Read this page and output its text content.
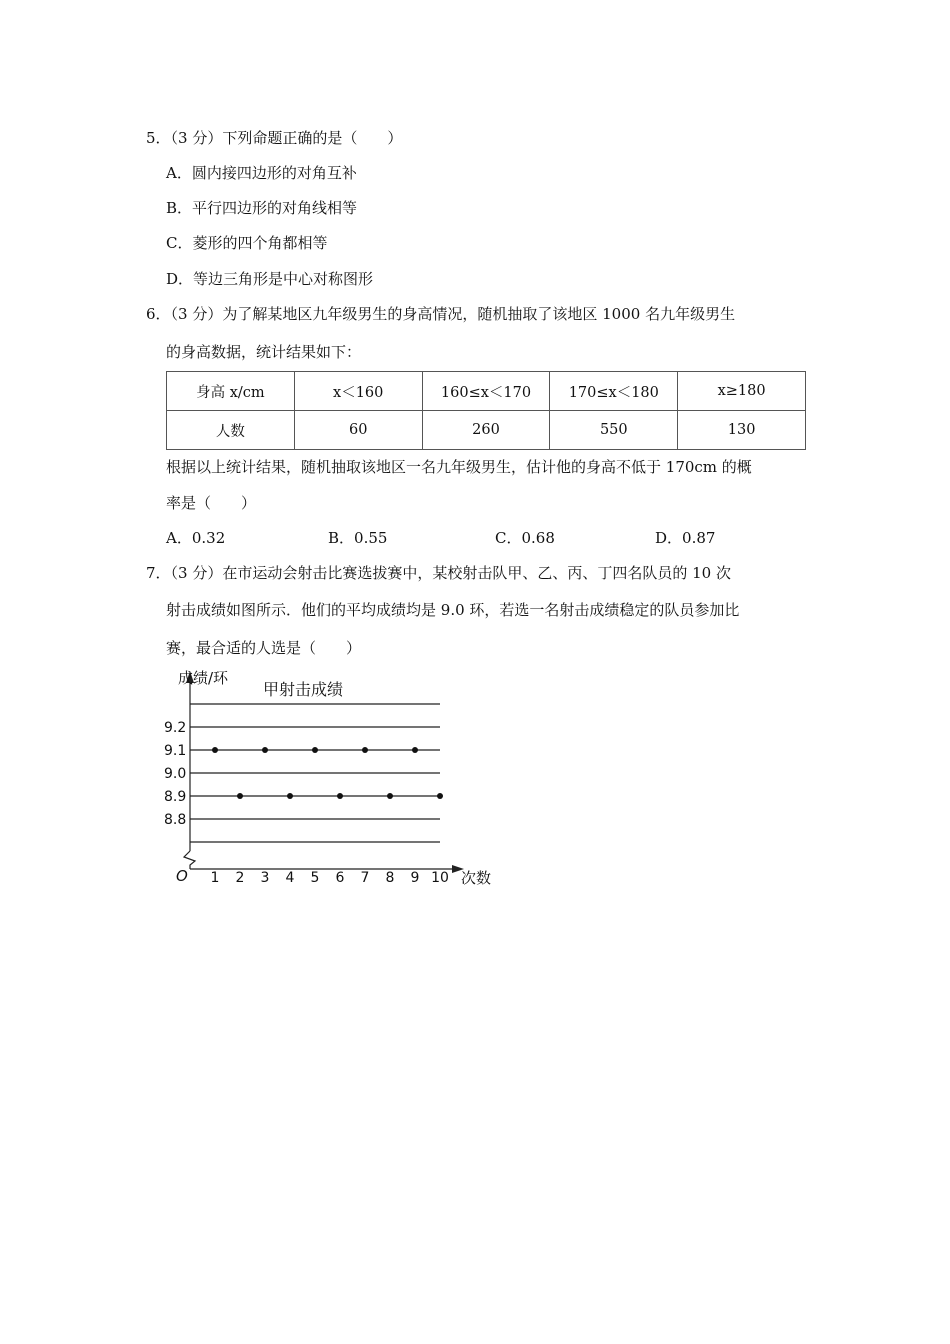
5．（3 分）下列命题正确的是（　　）
A．圆内接四边形的对角互补
B．平行四边形的对角线相等
C．菱形的四个角都相等
D．等边三角形是中心对称图形
6．（3 分）为了解某地区九年级男生的身高情况，随机抽取了该地区 1000 名九年级男生
的身高数据，统计结果如下：
身高 x/cm	x＜160	160≤x＜170	170≤x＜180	x≥180
人数	60	260	550	130
根据以上统计结果，随机抽取该地区一名九年级男生，估计他的身高不低于 170cm 的概
率是（　　）
A．0.32	B．0.55	C．0.68	D．0.87
7．（3 分）在市运动会射击比赛选拔赛中，某校射击队甲、乙、丙、丁四名队员的 10 次
射击成绩如图所示．他们的平均成绩均是 9.0 环，若选一名射击成绩稳定的队员参加比
赛，最合适的人选是（　　）
8.8
8.9
9.0
9.1
9.2
1 2 3 4 5 6 7 8 9 10
O
成绩/环
次数
甲射击成绩
